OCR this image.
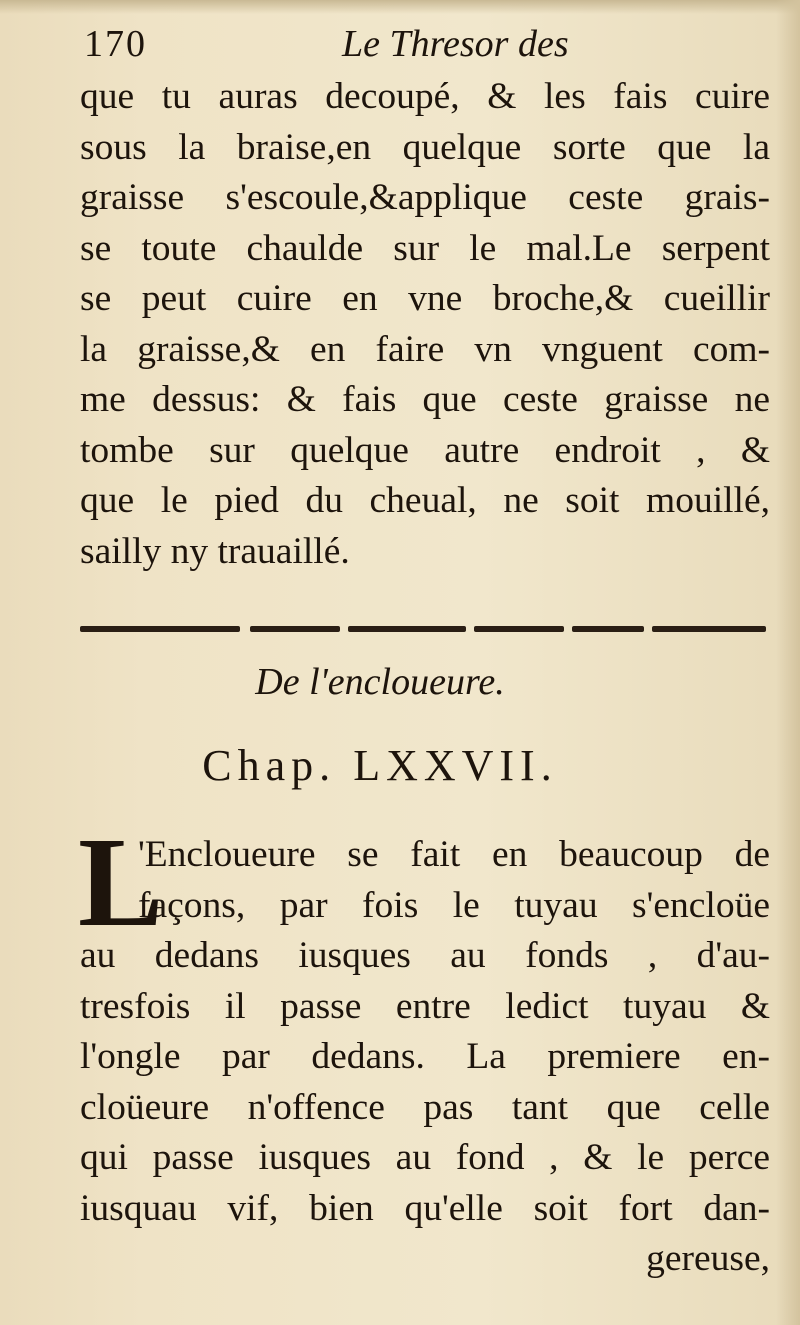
170	Le Thresor des
que tu auras decoupé, & les fais cuire
sous la braise,en quelque sorte que la
graisse s'escoule,&applique ceste grais-
se toute chaulde sur le mal.Le serpent
se peut cuire en vne broche,& cueillir
la graisse,& en faire vn vnguent com-
me dessus: & fais que ceste graisse ne
tombe sur quelque autre endroit , &
que le pied du cheual, ne soit mouillé,
sailly ny trauaillé.
De l'encloueure.
Chap. LXXVII.
L
'Encloueure se fait en beaucoup de
façons, par fois le tuyau s'encloüe
au dedans iusques au fonds , d'au-
tresfois il passe entre ledict tuyau &
l'ongle par dedans. La premiere en-
cloüeure n'offence pas tant que celle
qui passe iusques au fond , & le perce
iusquau vif, bien qu'elle soit fort dan-
gereuse,
